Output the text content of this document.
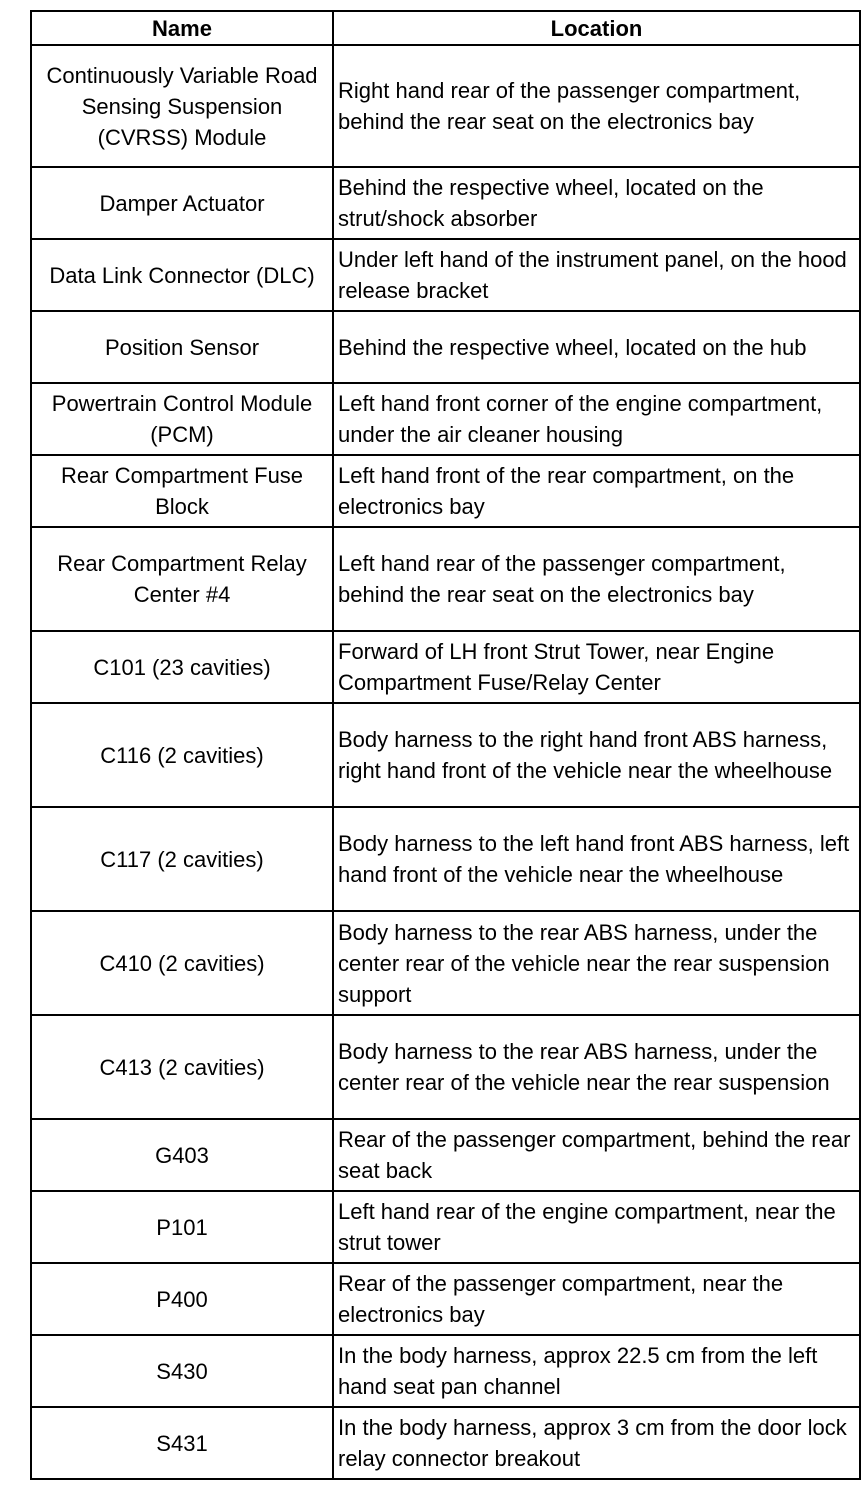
Name	Location
Continuously Variable Road Sensing Suspension (CVRSS) Module	Right hand rear of the passenger compartment, behind the rear seat on the electronics bay
Damper Actuator	Behind the respective wheel, located on the strut/shock absorber
Data Link Connector (DLC)	Under left hand of the instrument panel, on the hood release bracket
Position Sensor	Behind the respective wheel, located on the hub
Powertrain Control Module (PCM)	Left hand front corner of the engine compartment, under the air cleaner housing
Rear Compartment Fuse Block	Left hand front of the rear compartment, on the electronics bay
Rear Compartment Relay Center #4	Left hand rear of the passenger compartment, behind the rear seat on the electronics bay
C101 (23 cavities)	Forward of LH front Strut Tower, near Engine Compartment Fuse/Relay Center
C116 (2 cavities)	Body harness to the right hand front ABS harness, right hand front of the vehicle near the wheelhouse
C117 (2 cavities)	Body harness to the left hand front ABS harness, left hand front of the vehicle near the wheelhouse
C410 (2 cavities)	Body harness to the rear ABS harness, under the center rear of the vehicle near the rear suspension support
C413 (2 cavities)	Body harness to the rear ABS harness, under the center rear of the vehicle near the rear suspension
G403	Rear of the passenger compartment, behind the rear seat back
P101	Left hand rear of the engine compartment, near the strut tower
P400	Rear of the passenger compartment, near the electronics bay
S430	In the body harness, approx 22.5 cm from the left hand seat pan channel
S431	In the body harness, approx 3 cm from the door lock relay connector breakout
